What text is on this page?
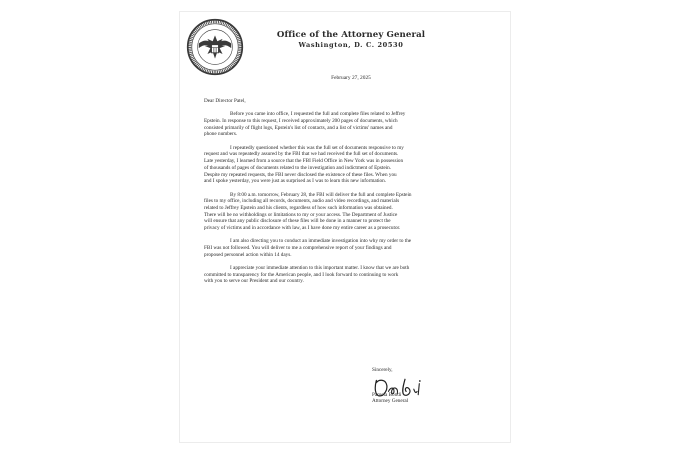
Office of the Attorney General
Washington, D. C. 20530
February 27, 2025
Dear Director Patel,
Before you came into office, I requested the full and complete files related to Jeffrey
Epstein. In response to this request, I received approximately 200 pages of documents, which
consisted primarily of flight logs, Epstein's list of contacts, and a list of victims' names and
phone numbers.
I repeatedly questioned whether this was the full set of documents responsive to my
request and was repeatedly assured by the FBI that we had received the full set of documents.
Late yesterday, I learned from a source that the FBI Field Office in New York was in possession
of thousands of pages of documents related to the investigation and indictment of Epstein.
Despite my repeated requests, the FBI never disclosed the existence of these files. When you
and I spoke yesterday, you were just as surprised as I was to learn this new information.
By 8:00 a.m. tomorrow, February 28, the FBI will deliver the full and complete Epstein
files to my office, including all records, documents, audio and video recordings, and materials
related to Jeffrey Epstein and his clients, regardless of how such information was obtained.
There will be no withholdings or limitations to my or your access. The Department of Justice
will ensure that any public disclosure of these files will be done in a manner to protect the
privacy of victims and in accordance with law, as I have done my entire career as a prosecutor.
I am also directing you to conduct an immediate investigation into why my order to the
FBI was not followed. You will deliver to me a comprehensive report of your findings and
proposed personnel action within 14 days.
I appreciate your immediate attention to this important matter. I know that we are both
committed to transparency for the American people, and I look forward to continuing to work
with you to serve our President and our country.
Sincerely,
Pamela Bondi
Attorney General
